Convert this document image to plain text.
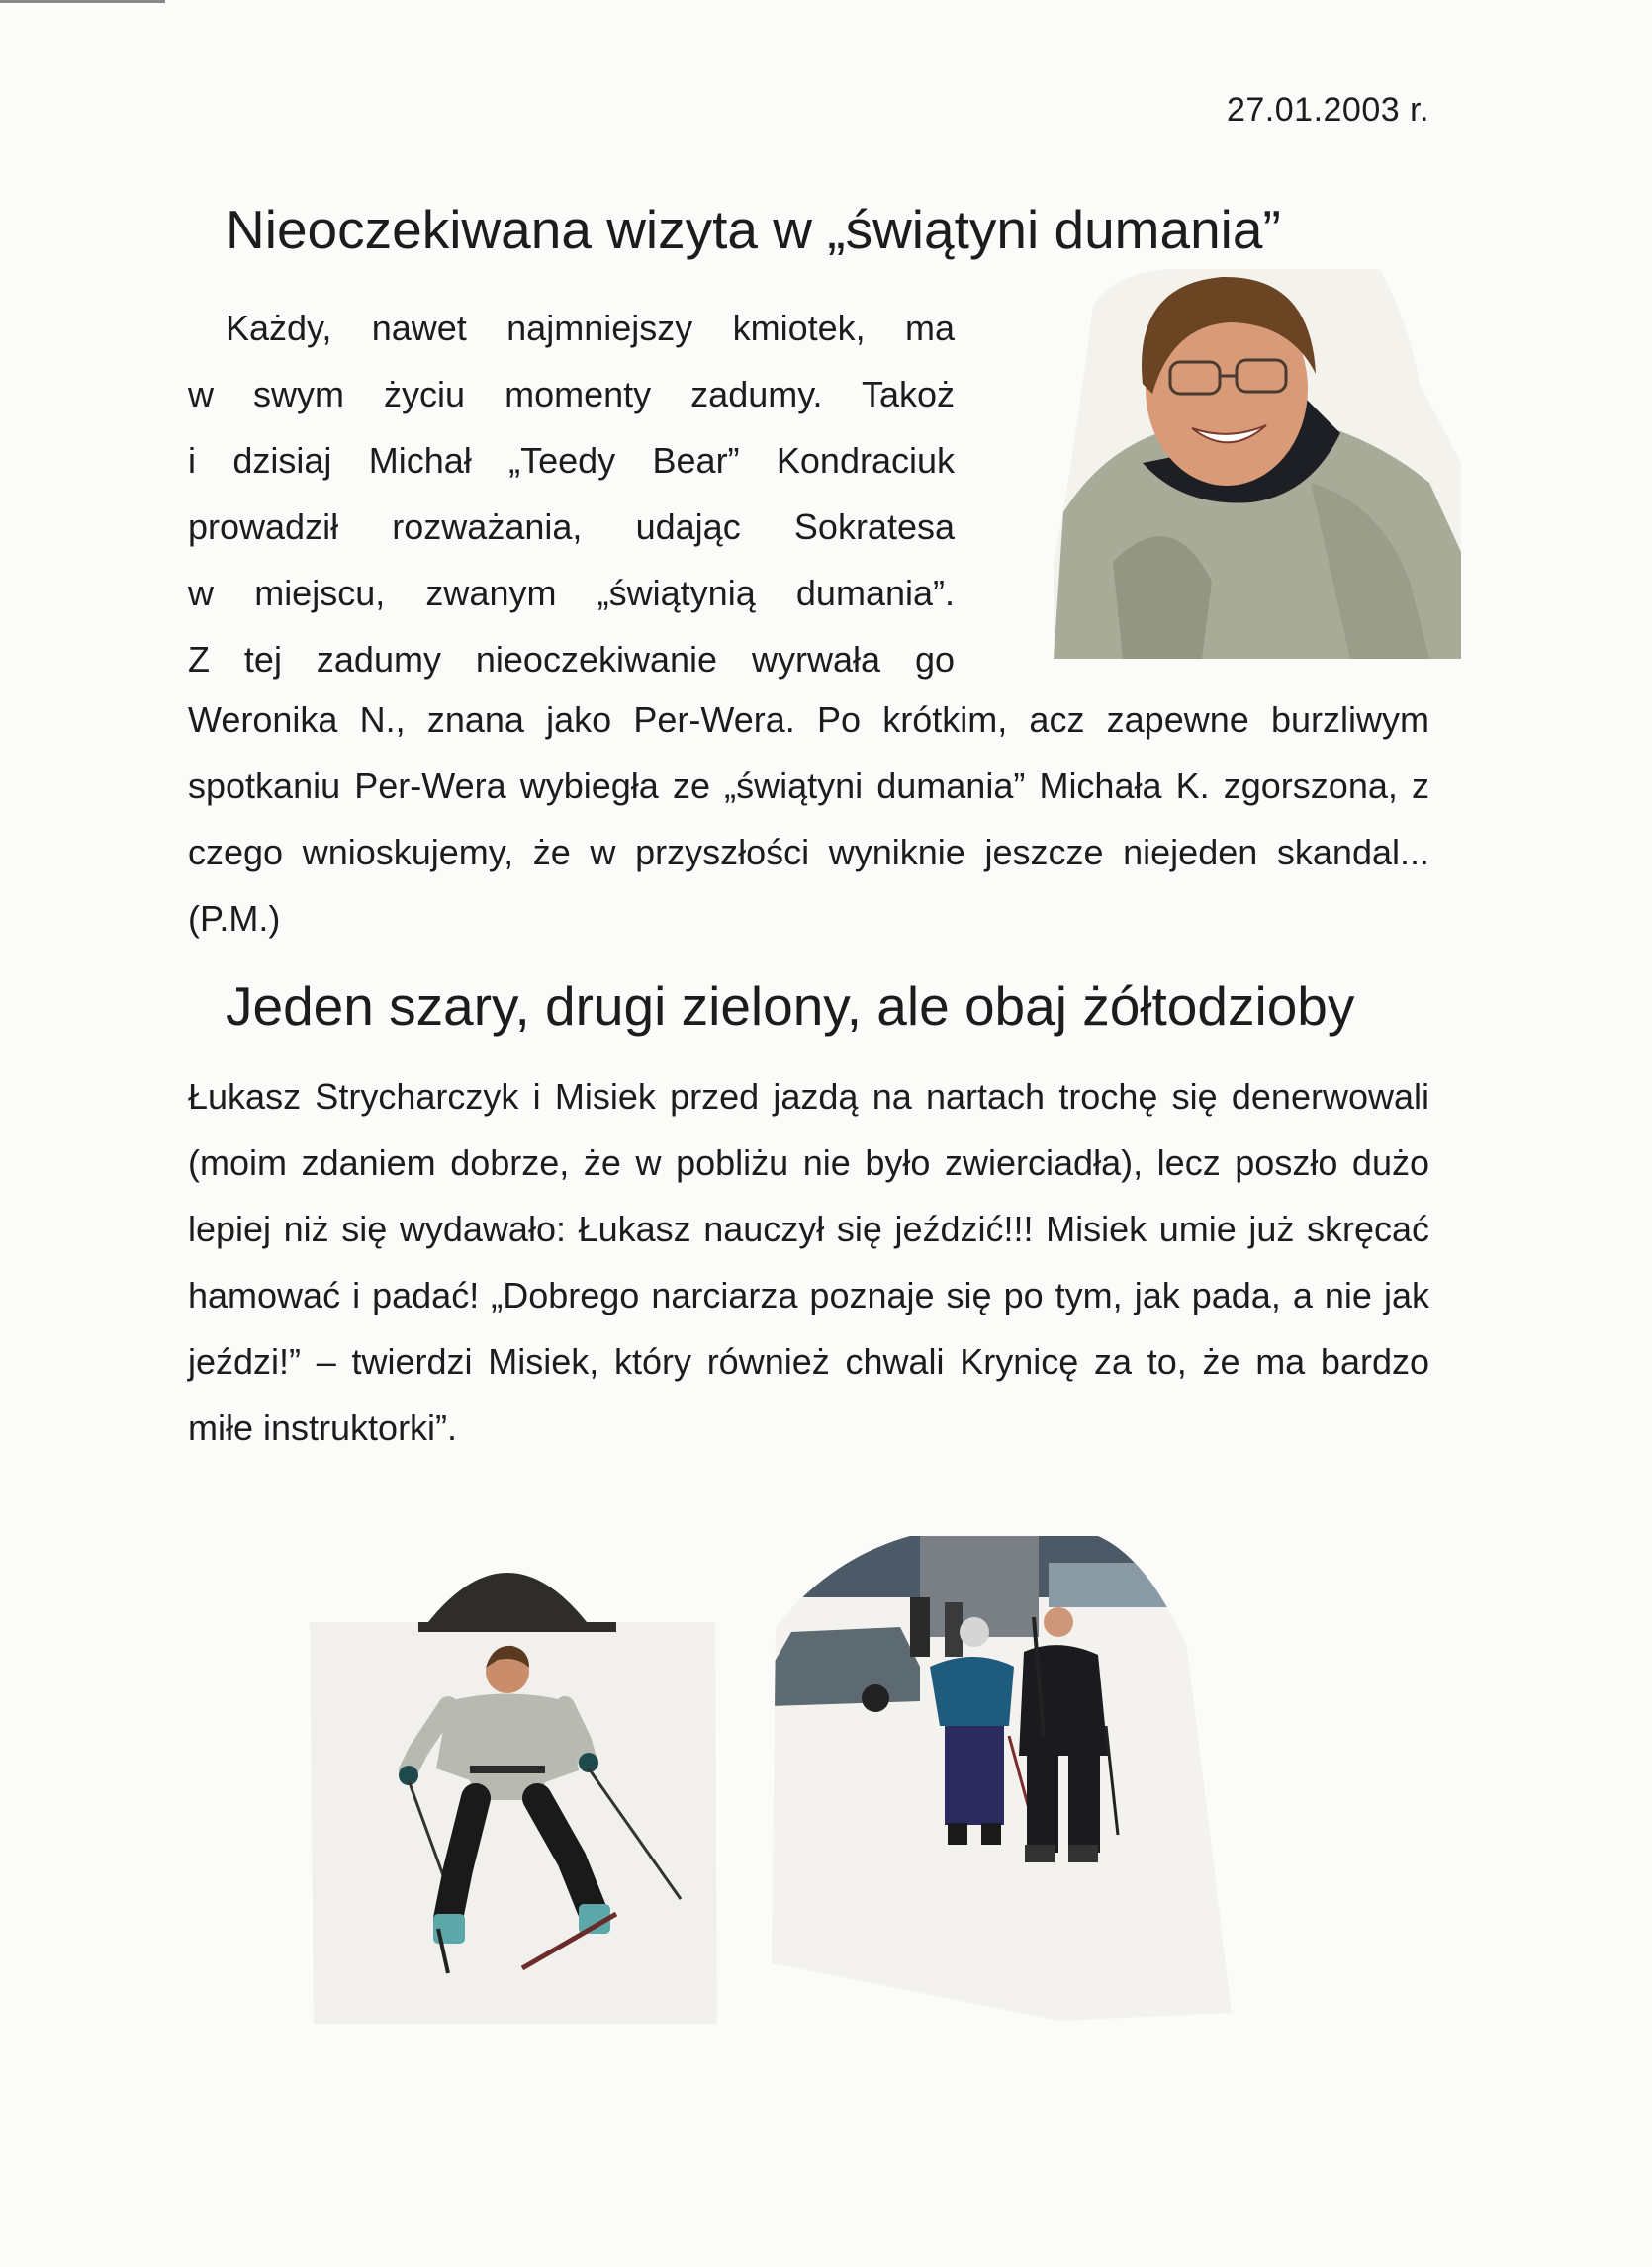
27.01.2003 r.
Nieoczekiwana wizyta w „świątyni dumania”
Każdy, nawet najmniejszy kmiotek, ma
w swym życiu momenty zadumy. Takoż
i dzisiaj Michał „Teedy Bear” Kondraciuk
prowadził rozważania, udając Sokratesa
w miejscu, zwanym „świątynią dumania”.
Z tej zadumy nieoczekiwanie wyrwała go

Weronika N., znana jako Per-Wera. Po krótkim, acz zapewne burzliwym spotkaniu Per-Wera wybiegła ze „świątyni dumania” Michała K. zgorszona, z czego wnioskujemy, że w przyszłości wyniknie jeszcze niejeden skandal... (P.M.)

Jeden szary, drugi zielony, ale obaj żółtodzioby

Łukasz Strycharczyk i Misiek przed jazdą na nartach trochę się denerwowali (moim zdaniem dobrze, że w pobliżu nie było zwierciadła), lecz poszło dużo lepiej niż się wydawało: Łukasz nauczył się jeździć!!! Misiek umie już skręcać hamować i padać! „Dobrego narciarza poznaje się po tym, jak pada, a nie jak jeździ!” – twierdzi Misiek, który również chwali Krynicę za to, że ma bardzo miłe instruktorki”.
